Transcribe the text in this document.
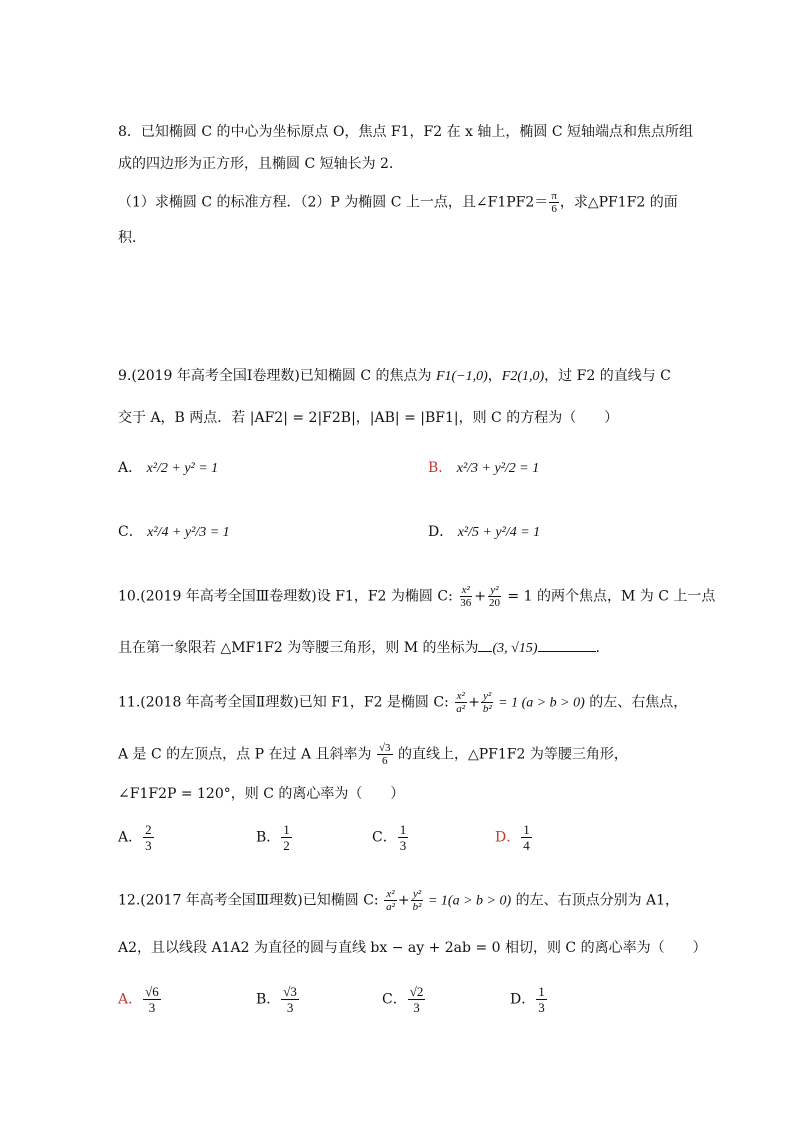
8．已知椭圆 C 的中心为坐标原点 O，焦点 F1，F2 在 x 轴上，椭圆 C 短轴端点和焦点所组
成的四边形为正方形，且椭圆 C 短轴长为 2．
（1）求椭圆 C 的标准方程．（2）P 为椭圆 C 上一点，且∠F1PF2＝ $\frac{\pi}{6}$ ，求△PF1F2 的面
积．
9.(2019 年高考全国Ⅰ卷理数)已知椭圆 C 的焦点为 F1(−1,0)，F2(1,0)，过 F2 的直线与 C
交于 A，B 两点．若 |AF2| = 2|F2B|，|AB| = |BF1|，则 C 的方程为（　　）
A． x²/2 + y² = 1	B． x²/3 + y²/2 = 1
C． x²/4 + y²/3 = 1	D． x²/5 + y²/4 = 1
10.(2019 年高考全国Ⅲ卷理数)设 F1，F2 为椭圆 C: $\frac{\text{x²}}{36} + \frac{\text{y²}}{20} = 1$ 的两个焦点，M 为 C 上一点
且在第一象限若 △MF1F2 为等腰三角形，则 M 的坐标为 (3, √15)	.
11.(2018 年高考全国Ⅱ理数)已知 F1，F2 是椭圆 C: $\frac{\text{x²}}{\text{a²}} + \frac{\text{y²}}{\text{b²}} = 1$ (a > b > 0) 的左、右焦点，
A 是 C 的左顶点，点 P 在过 A 且斜率为 $\frac{√3}{6}$ 的直线上，△PF1F2 为等腰三角形，
∠F1F2P = 120°，则 C 的离心率为（　　）
A． $\frac{2}{3}$	B． $\frac{1}{2}$	C． $\frac{1}{3}$	D． $\frac{1}{4}$
12.(2017 年高考全国Ⅲ理数)已知椭圆 C: $\frac{\text{x²}}{\text{a²}} + \frac{\text{y²}}{\text{b²}} = 1(a > b > 0)$ 的左、右顶点分别为 A1，
A2，且以线段 A1A2 为直径的圆与直线 bx − ay + 2ab = 0 相切，则 C 的离心率为（　　）
A． $\frac{√6}{3}$	B． $\frac{√3}{3}$	C． $\frac{√2}{3}$	D． $\frac{1}{3}$
